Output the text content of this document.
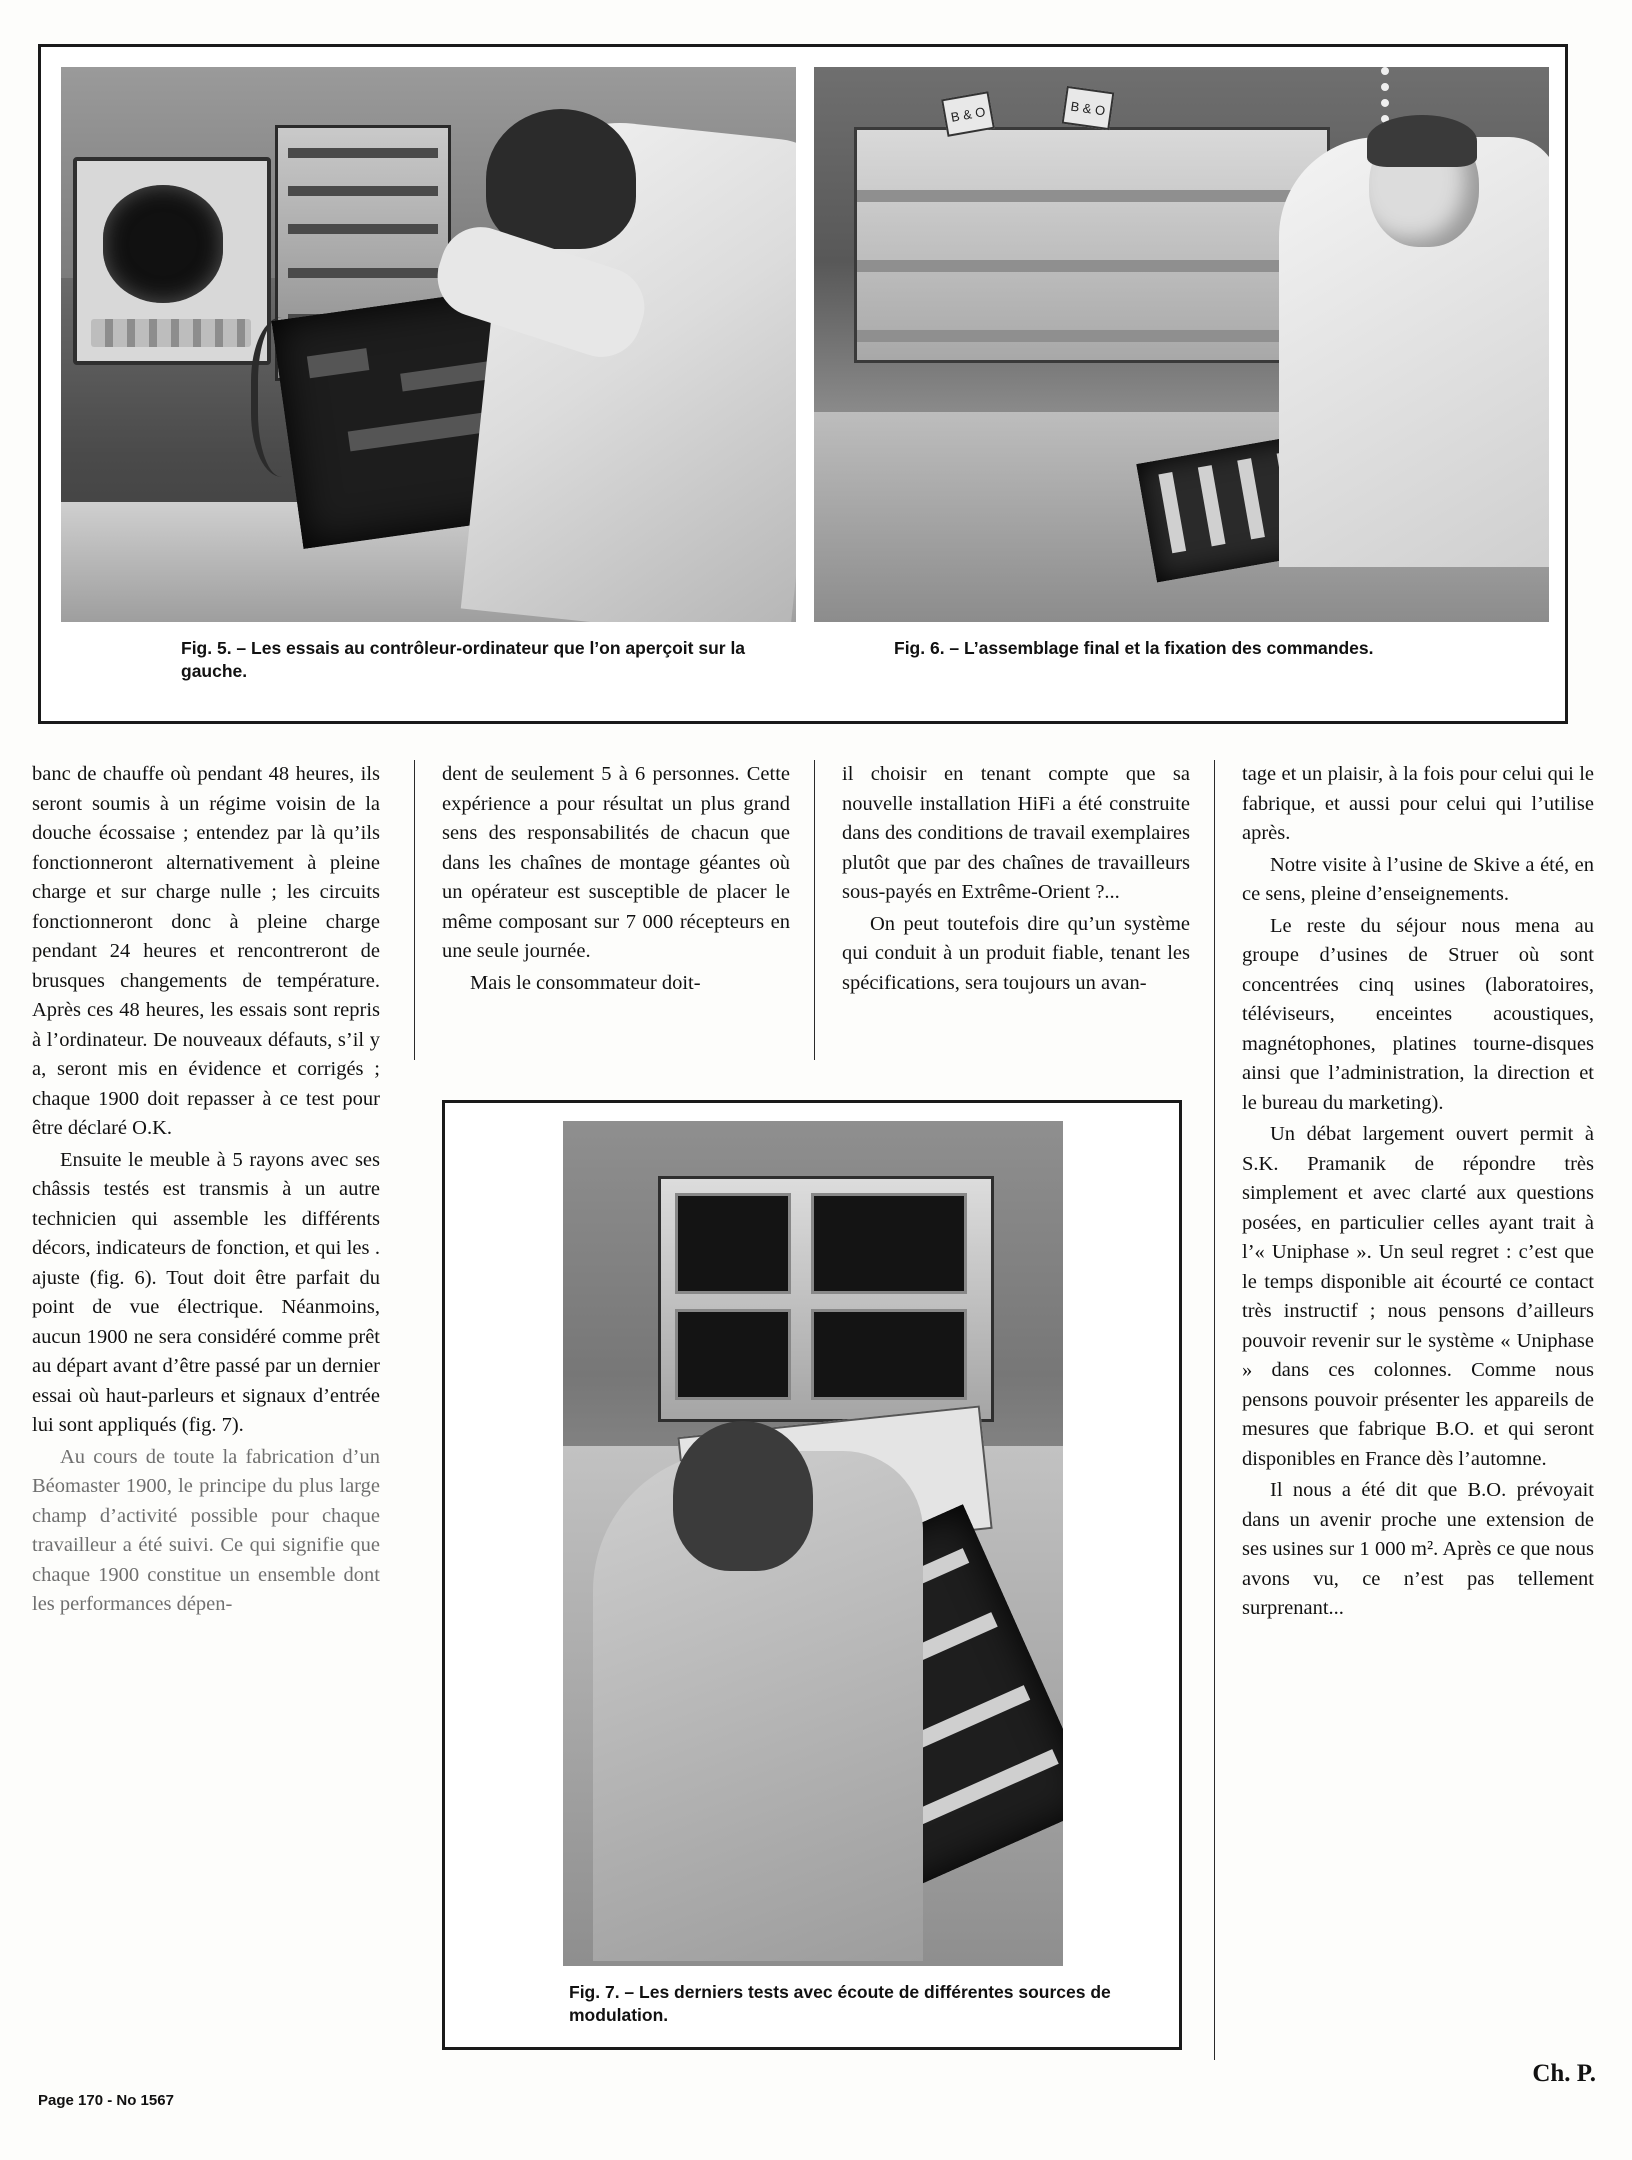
B & O	B & O
Fig. 5. – Les essais au contrôleur-ordinateur que l’on aperçoit sur la gauche.
Fig. 6. – L’assemblage final et la fixation des commandes.

banc de chauffe où pendant 48 heures, ils seront soumis à un régime voisin de la douche écossaise ; entendez par là qu’ils fonctionneront alternativement à pleine charge et sur charge nulle ; les circuits fonctionneront donc à pleine charge pendant 24 heures et rencontreront de brusques changements de température. Après ces 48 heures, les essais sont repris à l’ordinateur. De nouveaux défauts, s’il y a, seront mis en évidence et corrigés ; chaque 1900 doit repasser à ce test pour être déclaré O.K.

Ensuite le meuble à 5 rayons avec ses châssis testés est transmis à un autre technicien qui assemble les différents décors, indicateurs de fonction, et qui les . ajuste (fig. 6). Tout doit être parfait du point de vue électrique. Néanmoins, aucun 1900 ne sera considéré comme prêt au départ avant d’être passé par un dernier essai où haut-parleurs et signaux d’entrée lui sont appliqués (fig. 7).

Au cours de toute la fabrication d’un Béomaster 1900, le principe du plus large champ d’activité possible pour chaque travailleur a été suivi. Ce qui signifie que chaque 1900 constitue un ensemble dont les performances dépen-

dent de seulement 5 à 6 personnes. Cette expérience a pour résultat un plus grand sens des responsabilités de chacun que dans les chaînes de montage géantes où un opérateur est susceptible de placer le même composant sur 7 000 récepteurs en une seule journée.

Mais le consommateur doit-

il choisir en tenant compte que sa nouvelle installation HiFi a été construite dans des conditions de travail exemplaires plutôt que par des chaînes de travailleurs sous-payés en Extrême-Orient ?...

On peut toutefois dire qu’un système qui conduit à un produit fiable, tenant les spécifications, sera toujours un avan-

tage et un plaisir, à la fois pour celui qui le fabrique, et aussi pour celui qui l’utilise après.

Notre visite à l’usine de Skive a été, en ce sens, pleine d’enseignements.

Le reste du séjour nous mena au groupe d’usines de Struer où sont concentrées cinq usines (laboratoires, téléviseurs, enceintes acoustiques, magnétophones, platines tourne-disques ainsi que l’administration, la direction et le bureau du marketing).

Un débat largement ouvert permit à S.K. Pramanik de répondre très simplement et avec clarté aux questions posées, en particulier celles ayant trait à l’« Uniphase ». Un seul regret : c’est que le temps disponible ait écourté ce contact très instructif ; nous pensons d’ailleurs pouvoir revenir sur le système « Uniphase » dans ces colonnes. Comme nous pensons pouvoir présenter les appareils de mesures que fabrique B.O. et qui seront disponibles en France dès l’automne.

Il nous a été dit que B.O. prévoyait dans un avenir proche une extension de ses usines sur 1 000 m². Après ce que nous avons vu, ce n’est pas tellement surprenant...

Fig. 7. – Les derniers tests avec écoute de différentes sources de modulation.
Ch. P.
Page 170 - No 1567
